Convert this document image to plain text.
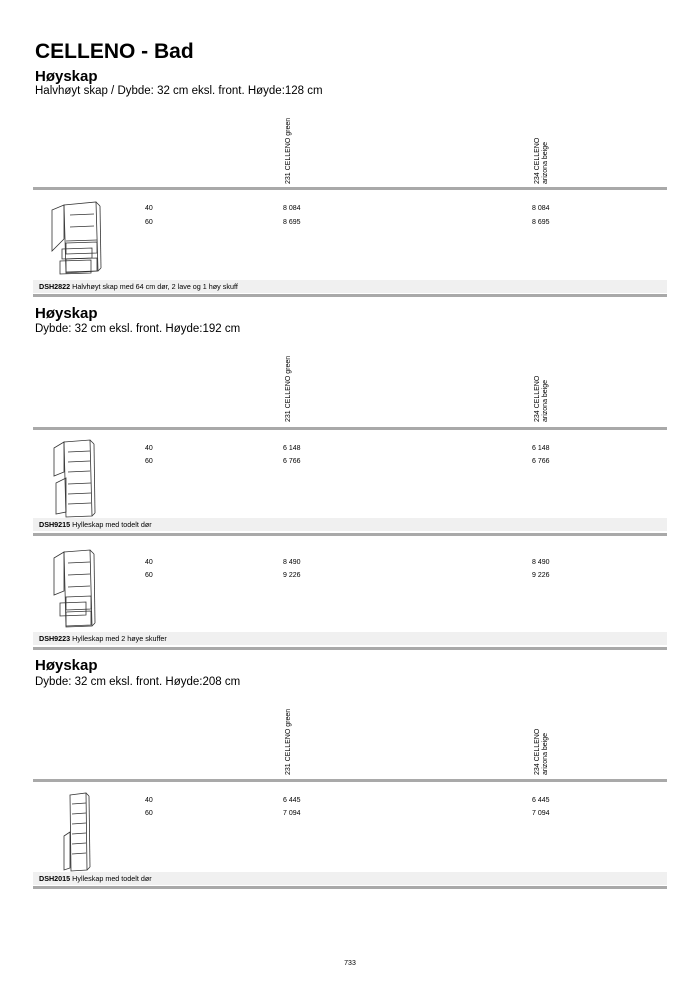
CELLENO - Bad
Høyskap
Halvhøyt skap / Dybde: 32 cm eksl. front. Høyde:128 cm
231 CELLENO green	234 CELLENO arizona beige
40	8 084	8 084
60	8 695	8 695
DSH2822 Halvhøyt skap med 64 cm dør, 2 lave og 1 høy skuff
Høyskap
Dybde: 32 cm eksl. front. Høyde:192 cm
231 CELLENO green	234 CELLENO arizona beige
40	6 148	6 148
60	6 766	6 766
DSH9215 Hylleskap med todelt dør
40	8 490	8 490
60	9 226	9 226
DSH9223 Hylleskap med 2 høye skuffer
Høyskap
Dybde: 32 cm eksl. front. Høyde:208 cm
231 CELLENO green	234 CELLENO arizona beige
40	6 445	6 445
60	7 094	7 094
DSH2015 Hylleskap med todelt dør
733
